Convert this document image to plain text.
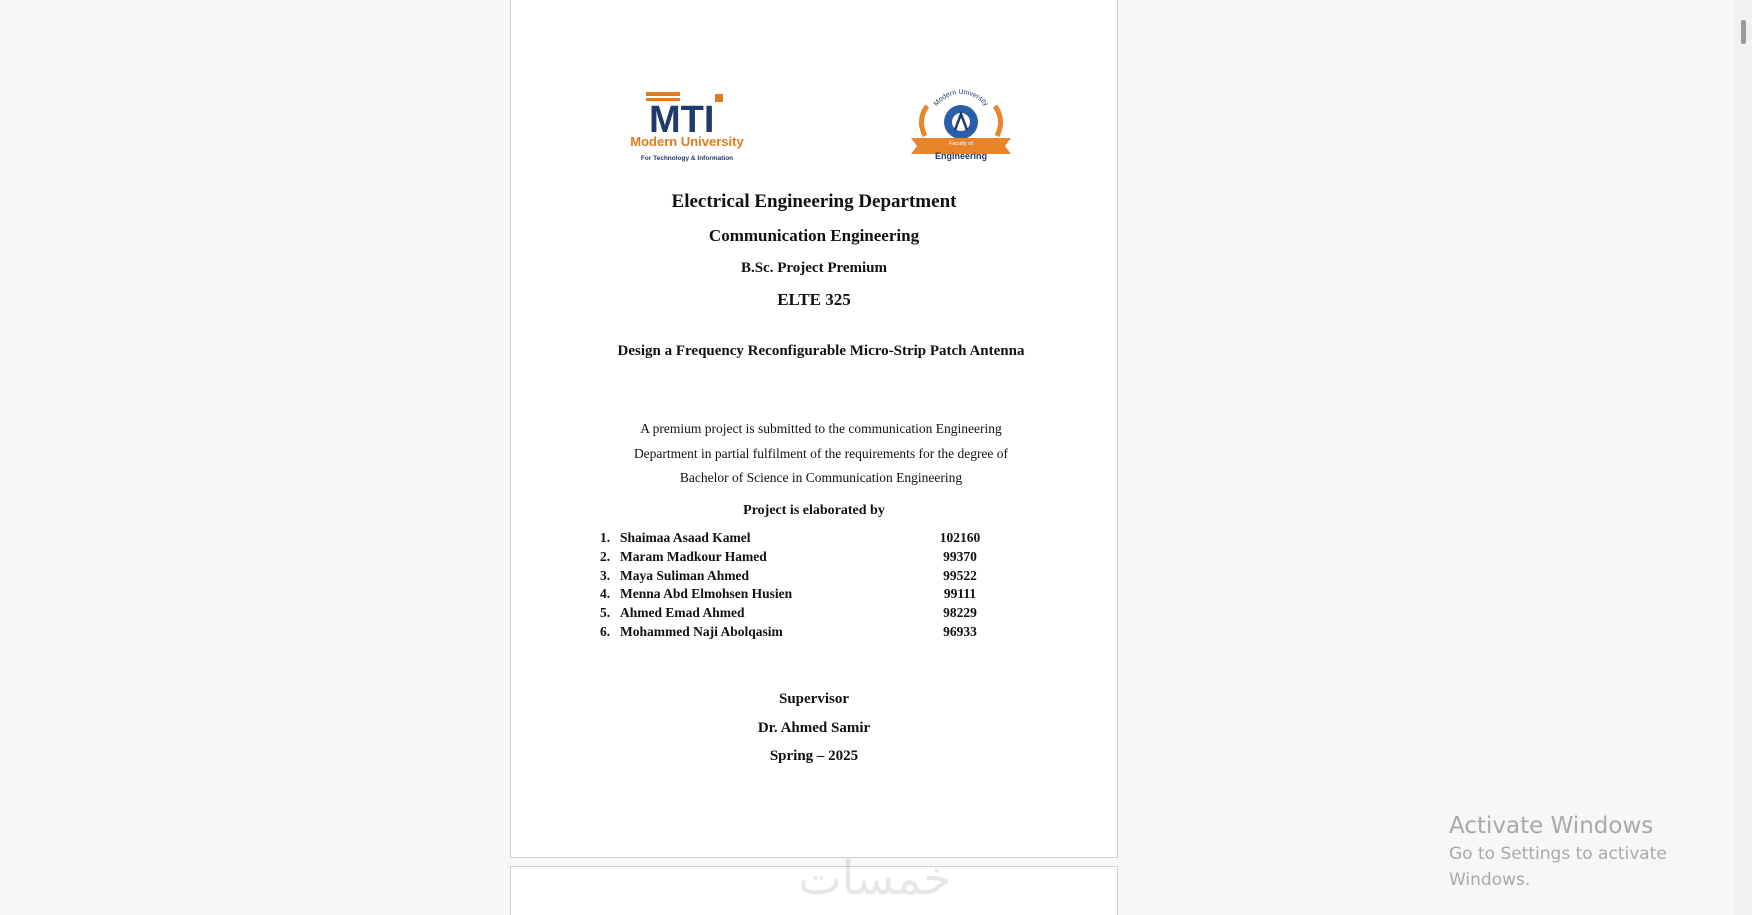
MTI
Modern University
For Technology & Information
Modern University
Faculty of
Engineering
Electrical Engineering Department
Communication Engineering
B.Sc. Project Premium
ELTE 325
Design a Frequency Reconfigurable Micro-Strip Patch Antenna
A premium project is submitted to the communication Engineering
Department in partial fulfilment of the requirements for the degree of
Bachelor of Science in Communication Engineering
Project is elaborated by
1. Shaimaa Asaad Kamel	102160
2. Maram Madkour Hamed	99370
3. Maya Suliman Ahmed	99522
4. Menna Abd Elmohsen Husien	99111
5. Ahmed Emad Ahmed	98229
6. Mohammed Naji Abolqasim	96933
Supervisor
Dr. Ahmed Samir
Spring – 2025
خمسات
Activate Windows
Go to Settings to activate Windows.
